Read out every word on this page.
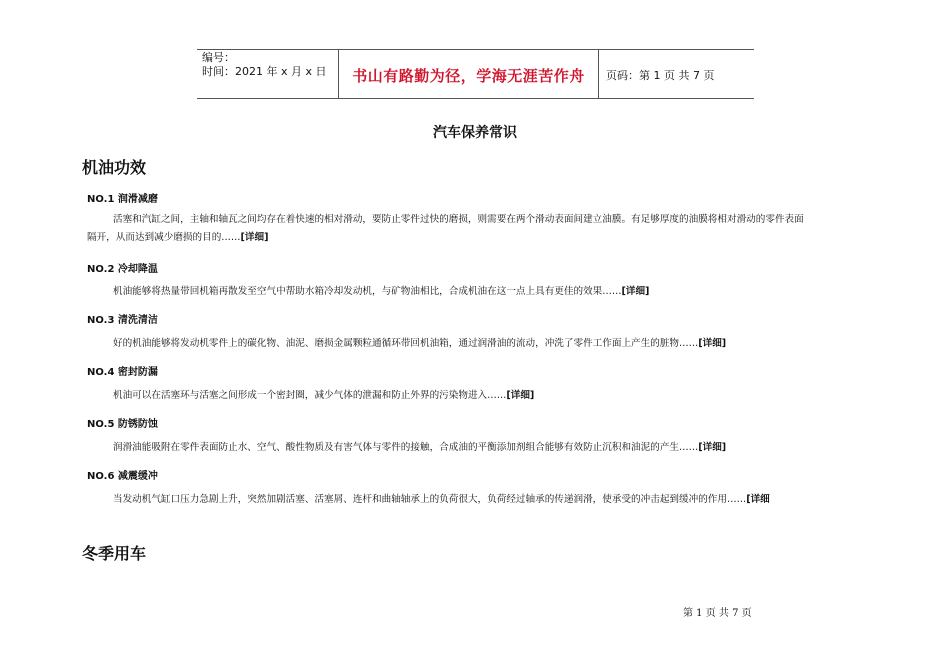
编号：
时间：2021 年 x 月 x 日	书山有路勤为径，学海无涯苦作舟	页码：第 1 页 共 7 页
汽车保养常识
机油功效
NO.1 润滑减磨

活塞和汽缸之间，主轴和轴瓦之间均存在着快速的相对滑动，要防止零件过快的磨损，则需要在两个滑动表面间建立油膜。有足够厚度的油膜将相对滑动的零件表面隔开，从而达到减少磨损的目的……[详细]

NO.2 冷却降温

机油能够将热量带回机箱再散发至空气中帮助水箱冷却发动机，与矿物油相比，合成机油在这一点上具有更佳的效果……[详细]

NO.3 清洗清洁

好的机油能够将发动机零件上的碳化物、油泥、磨损金属颗粒通循环带回机油箱，通过润滑油的流动，冲洗了零件工作面上产生的脏物……[详细]

NO.4 密封防漏

机油可以在活塞环与活塞之间形成一个密封圈，减少气体的泄漏和防止外界的污染物进入……[详细]

NO.5 防锈防蚀

润滑油能吸附在零件表面防止水、空气、酸性物质及有害气体与零件的接触，合成油的平衡添加剂组合能够有效防止沉积和油泥的产生……[详细]

NO.6 减震缓冲

当发动机气缸口压力急剧上升，突然加剧活塞、活塞屑、连杆和曲轴轴承上的负荷很大，负荷经过轴承的传递润滑，使承受的冲击起到缓冲的作用……[详细

冬季用车
第 1 页 共 7 页
